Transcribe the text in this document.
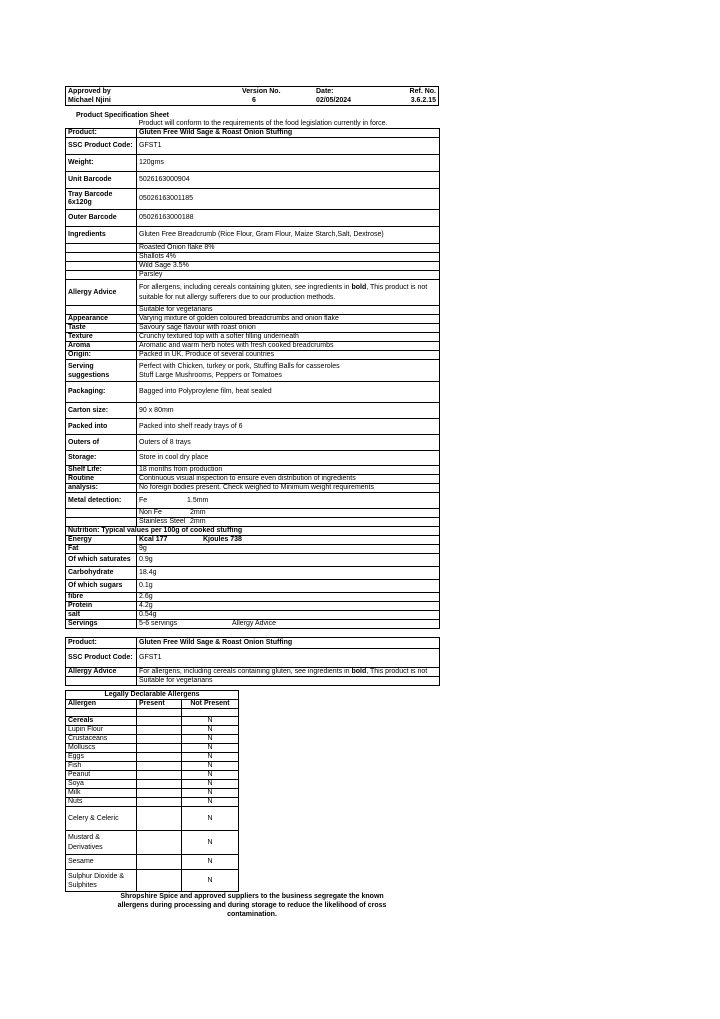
Approved by	Version No.	Date:	Ref. No.
Michael Njini	6	02/05/2024	3.6.2.15
Product Specification Sheet
	Product will conform to the requirements of the food legislation currently in force.
Product:	Gluten Free Wild Sage & Roast Onion Stuffing
SSC Product Code:	GFST1
Weight:	120gms
Unit Barcode	5026163000904
Tray Barcode 6x120g	05026163001185
Outer Barcode	05026163000188
Ingredients	Gluten Free Breadcrumb (Rice Flour, Gram Flour, Maize Starch,Salt, Dextrose)
	Roasted Onion flake 8%
	Shallots 4%
	Wild Sage 3.5%
	Parsley
Allergy Advice	For allergens, including cereals containing gluten, see ingredients in bold, This product is not suitable for nut allergy sufferers due to our production methods.
	Suitable for vegetarians
Appearance	Varying mixture of golden coloured breadcrumbs and onion flake
Taste	Savoury sage flavour with roast onion
Texture	Crunchy textured top with a softer filling underneath
Aroma	Aromatic and warm herb notes with fresh cooked breadcrumbs
Origin:	Packed in UK. Produce of several countries
Serving suggestions	Perfect with Chicken, turkey or pork, Stuffing Balls for casseroles
Stuff Large Mushrooms, Peppers or Tomatoes

Packaging:	Bagged into Polyproylene film, heat sealed
Carton size:	90 x 80mm
Packed into	Packed into shelf ready trays of 6
Outers of	Outers of 8 trays
Storage:	Store in cool dry place
Shelf Life:	18 months from production
Routine	Continuous visual inspection to ensure even distribution of ingredients
analysis:	No foreign bodies present. Check weighed to Minimum weight requirements
Metal detection:	Fe 1.5mm
	Non Fe 2mm
	Stainless Steel 2mm
Nutrition: Typical values per 100g of cooked stuffing	
Energy	Kcal 177 Kjoules 738
Fat	9g
Of which saturates	0.9g
Carbohydrate	18.4g
Of which sugars	0.1g
fibre	2.6g
Protein	4.2g
salt	0.54g
Servings	5-6 servings	Allergy Advice
Product:	Gluten Free Wild Sage & Roast Onion Stuffing
SSC Product Code:	GFST1
Allergy Advice	For allergens, including cereals containing gluten, see ingredients in bold, This product is not
	Suitable for vegetarians
Legally Declarable Allergens		
Allergen	Present	Not Present

Cereals		N
Lupin Flour		N
Crustaceans		N
Molluscs		N
Eggs		N
Fish		N
Peanut		N
Soya		N
Milk		N
Nuts		N
Celery & Celeric		N
Mustard & Derivatives		N
Sesame		N
Sulphur Dioxide & Sulphites		N
Shropshire Spice and approved suppliers to the business segregate the known allergens during processing and during storage to reduce the likelihood of cross contamination.
